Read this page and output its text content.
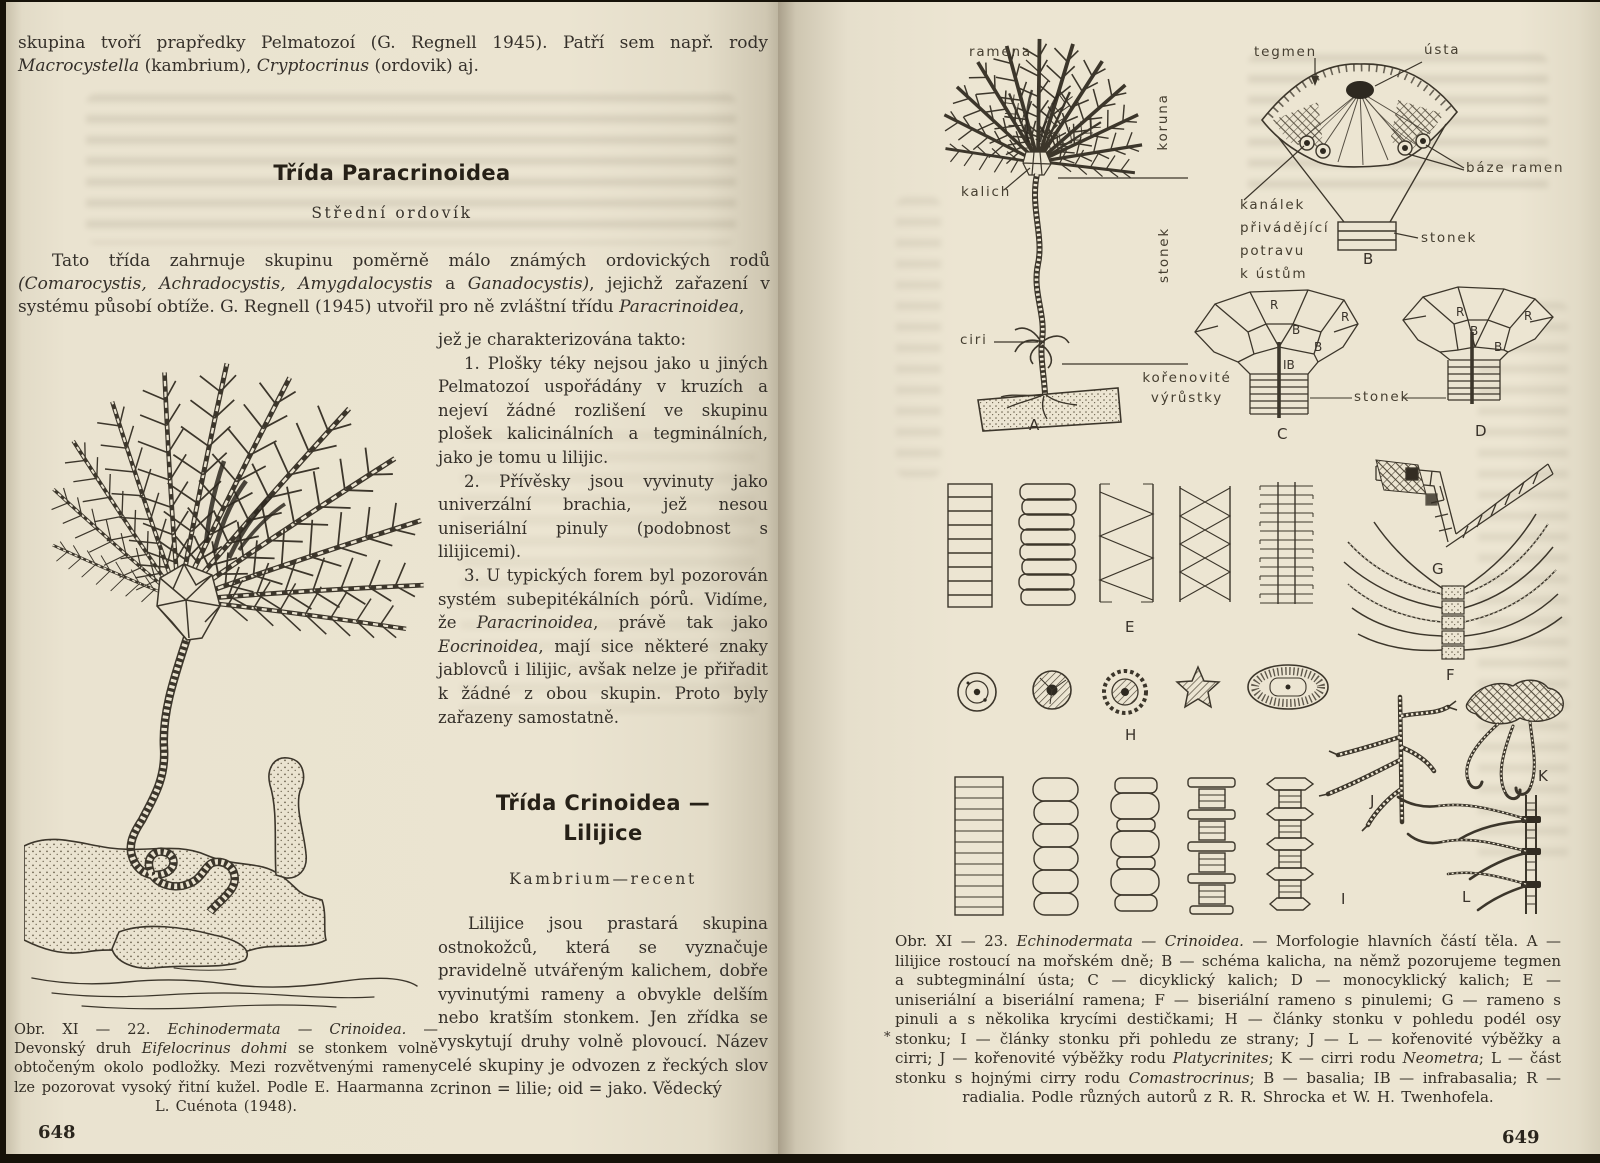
skupina tvoří prapředky Pelmatozoí (G. Regnell 1945). Patří sem např. rody Macrocystella (kambrium), Cryptocrinus (ordovik) aj.

Třída Paracrinoidea
Střední ordovík

Tato třída zahrnuje skupinu poměrně málo známých ordovických rodů (Comarocystis, Achradocystis, Amygdalocystis a Ganadocystis), jejichž zařazení v systému působí obtíže. G. Regnell (1945) utvořil pro ně zvláštní třídu Paracrinoidea,

jež je charakterizována takto:

1. Plošky téky nejsou jako u jiných Pelmatozoí uspořádány v kruzích a nejeví žádné rozlišení ve skupinu plošek kalicinálních a tegminálních, jako je tomu u lilijic.

2. Přívěsky jsou vyvinuty jako univerzální brachia, jež nesou uniseriální pinuly (podobnost s lilijicemi).

3. U typických forem byl pozorován systém subepitékálních pórů. Vidíme, že Paracrinoidea, právě tak jako Eocrinoidea, mají sice některé znaky jablovců i lilijic, avšak nelze je přiřadit k žádné z obou skupin. Proto byly zařazeny samostatně.

Třída Crinoidea —
Lilijice
Kambrium—recent

Lilijice jsou prastará skupina ostnokožců, která se vyznačuje pravidelně utvářeným kalichem, dobře vyvinutými rameny a obvykle delším nebo kratším stonkem. Jen zřídka se vyskytují druhy volně plovoucí. Název celé skupiny je odvozen z řeckých slov crinon = lilie; oid = jako. Vědecký

Obr. XI — 22. Echinodermata — Crinoidea. — Devonský druh Eifelocrinus dohmi se stonkem volně obtočeným okolo podložky. Mezi rozvětvenými rameny lze pozorovat vysoký řitní kužel. Podle E. Haarmanna z L. Cuénota (1948).

648
ramena
koruna
kalich
stonek
ciri
kořenovité
výrůstky
tegmen	ústa
báze ramen
kanálek
přivádějící
potravu
k ústům
stonek
stonek
A
B
C	D
E
F
G
H
I
J
K
L
R
R
B
B
IB
R	R
B
B
*

Obr. XI — 23. Echinodermata — Crinoidea. — Morfologie hlavních částí těla. A — lilijice rostoucí na mořském dně; B — schéma kalicha, na němž pozorujeme tegmen a subtegminální ústa; C — dicyklický kalich; D — monocyklický kalich; E — uniseriální a biseriální ramena; F — biseriální rameno s pinulemi; G — rameno s pinuli a s několika krycími destičkami; H — články stonku v pohledu podél osy stonku; I — články stonku při pohledu ze strany; J — L — kořenovité výběžky a cirri; J — kořenovité výběžky rodu Platycrinites; K — cirri rodu Neometra; L — část stonku s hojnými cirry rodu Comastrocrinus; B — basalia; IB — infrabasalia; R — radialia. Podle různých autorů z R. R. Shrocka et W. H. Twenhofela.

649
